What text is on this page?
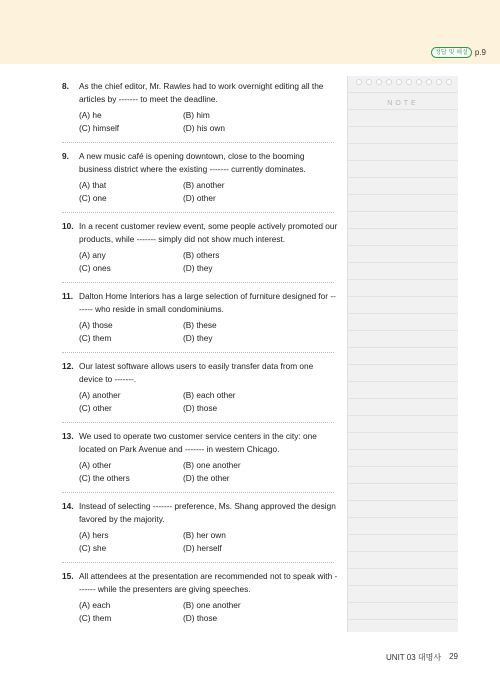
정답 및 해설 p.9
8.	As the chief editor, Mr. Rawles had to work overnight editing all the articles by ------- to meet the deadline.
(A) he	(B) him
(C) himself	(D) his own
9.	A new music café is opening downtown, close to the booming business district where the existing ------- currently dominates.
(A) that	(B) another
(C) one	(D) other
10. In a recent customer review event, some people actively promoted our products, while ------- simply did not show much interest.
(A) any	(B) others
(C) ones	(D) they
11. Dalton Home Interiors has a large selection of furniture designed for ------- who reside in small condominiums.
(A) those	(B) these
(C) them	(D) they
12. Our latest software allows users to easily transfer data from one device to -------.
(A) another	(B) each other
(C) other	(D) those
13. We used to operate two customer service centers in the city: one located on Park Avenue and ------- in western Chicago.
(A) other	(B) one another
(C) the others	(D) the other
14. Instead of selecting ------- preference, Ms. Shang approved the design favored by the majority.
(A) hers	(B) her own
(C) she	(D) herself
15. All attendees at the presentation are recommended not to speak with ------- while the presenters are giving speeches.
(A) each	(B) one another
(C) them	(D) those
NOTE
UNIT 03 대명사 29
